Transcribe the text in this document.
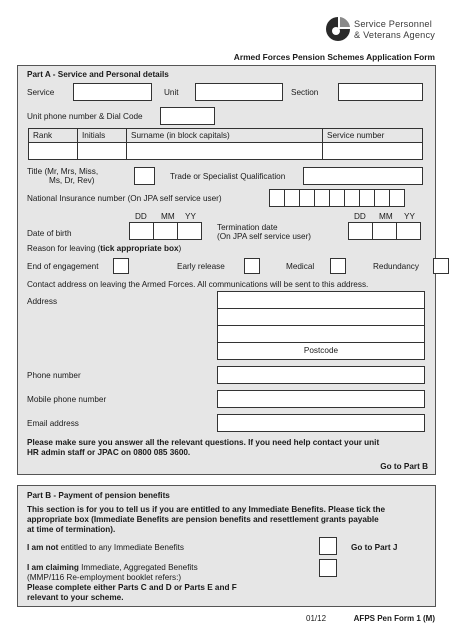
Service Personnel
& Veterans Agency
Armed Forces Pension Schemes Application Form
Part A - Service and Personal details
Service	Unit	Section
Unit phone number & Dial Code
Rank	Initials	Surname (in block capitals)	Service number
Title (Mr, Mrs, Miss,
Ms, Dr, Rev)	Trade or Specialist Qualification
National Insurance number (On JPA self service user)
DD MM YY
Date of birth
Termination date
(On JPA self service user)
DD MM YY
Reason for leaving (tick appropriate box)
End of engagement	Early release	Medical	Redundancy
Contact address on leaving the Armed Forces. All communications will be sent to this address.
Address
Postcode
Phone number
Mobile phone number
Email address
Please make sure you answer all the relevant questions. If you need help contact your unit
HR admin staff or JPAC on 0800 085 3600.
Go to Part B
Part B - Payment of pension benefits
This section is for you to tell us if you are entitled to any Immediate Benefits. Please tick the
appropriate box (Immediate Benefits are pension benefits and resettlement grants payable
at time of termination).
I am not entitled to any Immediate Benefits	Go to Part J
I am claiming Immediate, Aggregated Benefits
(MMP/116 Re-employment booklet refers:)
Please complete either Parts C and D or Parts E and F
relevant to your scheme.
01/12	AFPS Pen Form 1 (M)
